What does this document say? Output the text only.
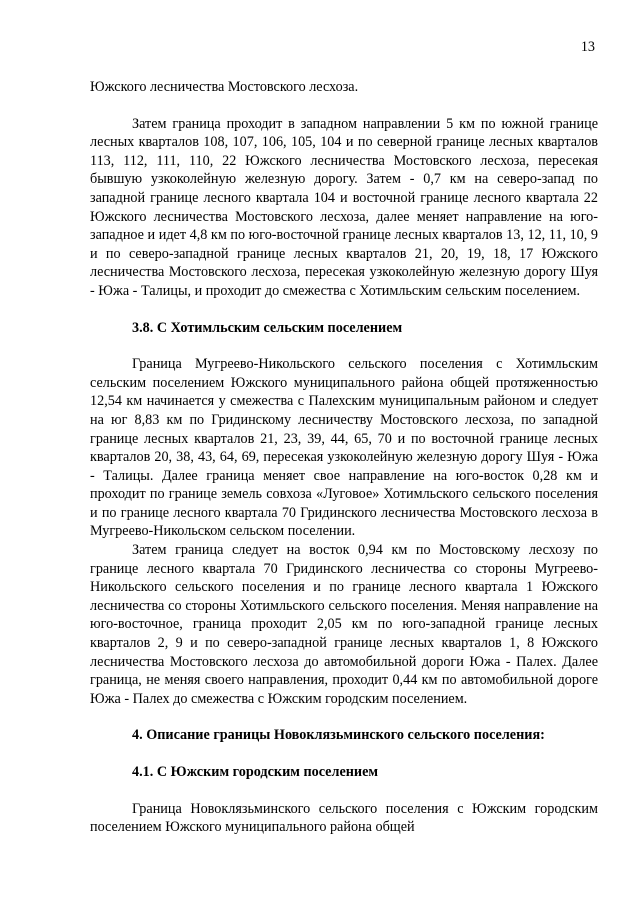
13

Южского лесничества Мостовского лесхоза.

Затем граница проходит в западном направлении 5 км по южной границе лесных кварталов 108, 107, 106, 105, 104 и по северной границе лесных кварталов 113, 112, 111, 110, 22 Южского лесничества Мостовского лесхоза, пересекая бывшую узкоколейную железную дорогу. Затем - 0,7 км на северо-запад по западной границе лесного квартала 104 и восточной границе лесного квартала 22 Южского лесничества Мостовского лесхоза, далее меняет направление на юго-западное и идет 4,8 км по юго-восточной границе лесных кварталов 13, 12, 11, 10, 9 и по северо-западной границе лесных кварталов 21, 20, 19, 18, 17 Южского лесничества Мостовского лесхоза, пересекая узкоколейную железную дорогу Шуя - Южа - Талицы, и проходит до смежества с Хотимльским сельским поселением.

3.8. С Хотимльским сельским поселением

Граница Мугреево-Никольского сельского поселения с Хотимльским сельским поселением Южского муниципального района общей протяженностью 12,54 км начинается у смежества с Палехским муниципальным районом и следует на юг 8,83 км по Гридинскому лесничеству Мостовского лесхоза, по западной границе лесных кварталов 21, 23, 39, 44, 65, 70 и по восточной границе лесных кварталов 20, 38, 43, 64, 69, пересекая узкоколейную железную дорогу Шуя - Южа - Талицы. Далее граница меняет свое направление на юго-восток 0,28 км и проходит по границе земель совхоза «Луговое» Хотимльского сельского поселения и по границе лесного квартала 70 Гридинского лесничества Мостовского лесхоза в Мугреево-Никольском сельском поселении.

Затем граница следует на восток 0,94 км по Мостовскому лесхозу по границе лесного квартала 70 Гридинского лесничества со стороны Мугреево-Никольского сельского поселения и по границе лесного квартала 1 Южского лесничества со стороны Хотимльского сельского поселения. Меняя направление на юго-восточное, граница проходит 2,05 км по юго-западной границе лесных кварталов 2, 9 и по северо-западной границе лесных кварталов 1, 8 Южского лесничества Мостовского лесхоза до автомобильной дороги Южа - Палех. Далее граница, не меняя своего направления, проходит 0,44 км по автомобильной дороге Южа - Палех до смежества с Южским городским поселением.

4. Описание границы Новоклязьминского сельского поселения:
4.1. С Южским городским поселением

Граница Новоклязьминского сельского поселения с Южским городским поселением Южского муниципального района общей
